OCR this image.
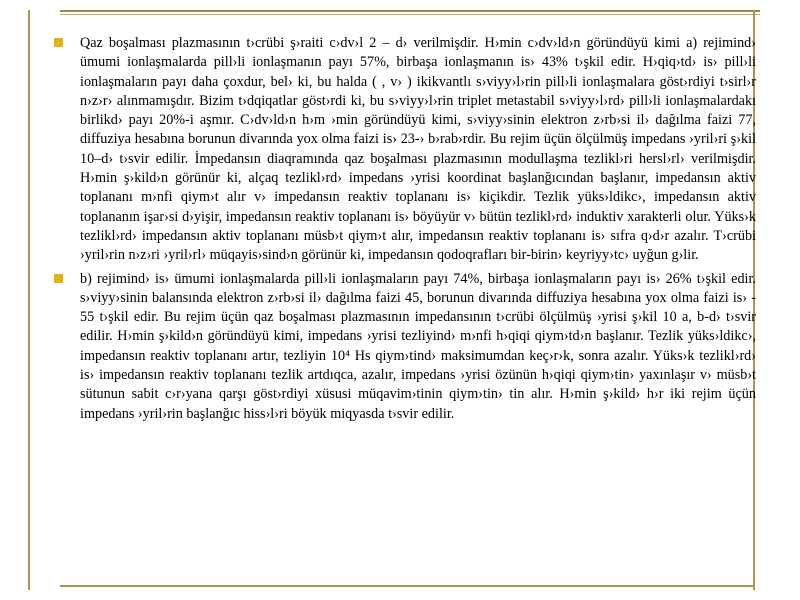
Qaz boşalması plazmasının t›crübi ş›raiti c›dv›l 2 – d› verilmişdir. H›min c›dv›ld›n göründüyü kimi a) rejimind› ümumi ionlaşmalarda pill›li ionlaşmanın payı 57%, birbaşa ionlaşmanın is› 43% t›şkil edir. H›qiq›td› is› pill›li ionlaşmaların payı daha çoxdur, bel› ki, bu halda ( , v› ) ikikvantlı s›viyy›l›rin pill›li ionlaşmalara göst›rdiyi t›sirl›r n›z›r› alınmamışdır. Bizim t›dqiqatlar göst›rdi ki, bu s›viyy›l›rin triplet metastabil s›viyy›l›rd› pill›li ionlaşmalardakı birlikd› payı 20%-i aşmır. C›dv›ld›n h›m ›min göründüyü kimi, s›viyy›sinin elektron z›rb›si il› dağılma faizi 77, diffuziya hesabına borunun divarında yox olma faizi is› 23-› b›rab›rdir. Bu rejim üçün ölçülmüş impedans ›yril›ri ş›kil 10–d› t›svir edilir. İmpedansın diaqramında qaz boşalması plazmasının modullaşma tezlikl›ri hersl›rl› verilmişdir. H›min ş›kild›n görünür ki, alçaq tezlikl›rd› impedans ›yrisi koordinat başlanğıcından başlanır, impedansın aktiv toplananı m›nfi qiym›t alır v› impedansın reaktiv toplananı is› kiçikdir. Tezlik yüks›ldikc›, impedansın aktiv toplananın işar›si d›yişir, impedansın reaktiv toplananı is› böyüyür v› bütün tezlikl›rd› induktiv xarakterli olur. Yüks›k tezlikl›rd› impedansın aktiv toplananı müsb›t qiym›t alır, impedansın reaktiv toplananı is› sıfra q›d›r azalır. T›crübi ›yril›rin n›z›ri ›yril›rl› müqayis›sind›n görünür ki, impedansın qodoqrafları bir-birin› keyriyy›tc› uyğun g›lir.

b) rejimind› is› ümumi ionlaşmalarda pill›li ionlaşmaların payı 74%, birbaşa ionlaşmaların payı is› 26% t›şkil edir. s›viyy›sinin balansında elektron z›rb›si il› dağılma faizi 45, borunun divarında diffuziya hesabına yox olma faizi is› - 55 t›şkil edir. Bu rejim üçün qaz boşalması plazmasının impedansının t›crübi ölçülmüş ›yrisi ş›kil 10 a, b-d› t›svir edilir. H›min ş›kild›n göründüyü kimi, impedans ›yrisi tezliyind› m›nfi h›qiqi qiym›td›n başlanır. Tezlik yüks›ldikc›, impedansın reaktiv toplananı artır, tezliyin 10⁴ Hs qiym›tind› maksimumdan keç›r›k, sonra azalır. Yüks›k tezlikl›rd› is› impedansın reaktiv toplananı tezlik artdıqca, azalır, impedans ›yrisi özünün h›qiqi qiym›tin› yaxınlaşır v› müsb›t sütunun sabit c›r›yana qarşı göst›rdiyi xüsusi müqavim›tinin qiym›tin› tin alır. H›min ş›kild› h›r iki rejim üçün impedans ›yril›rin başlanğıc hiss›l›ri böyük miqyasda t›svir edilir.
